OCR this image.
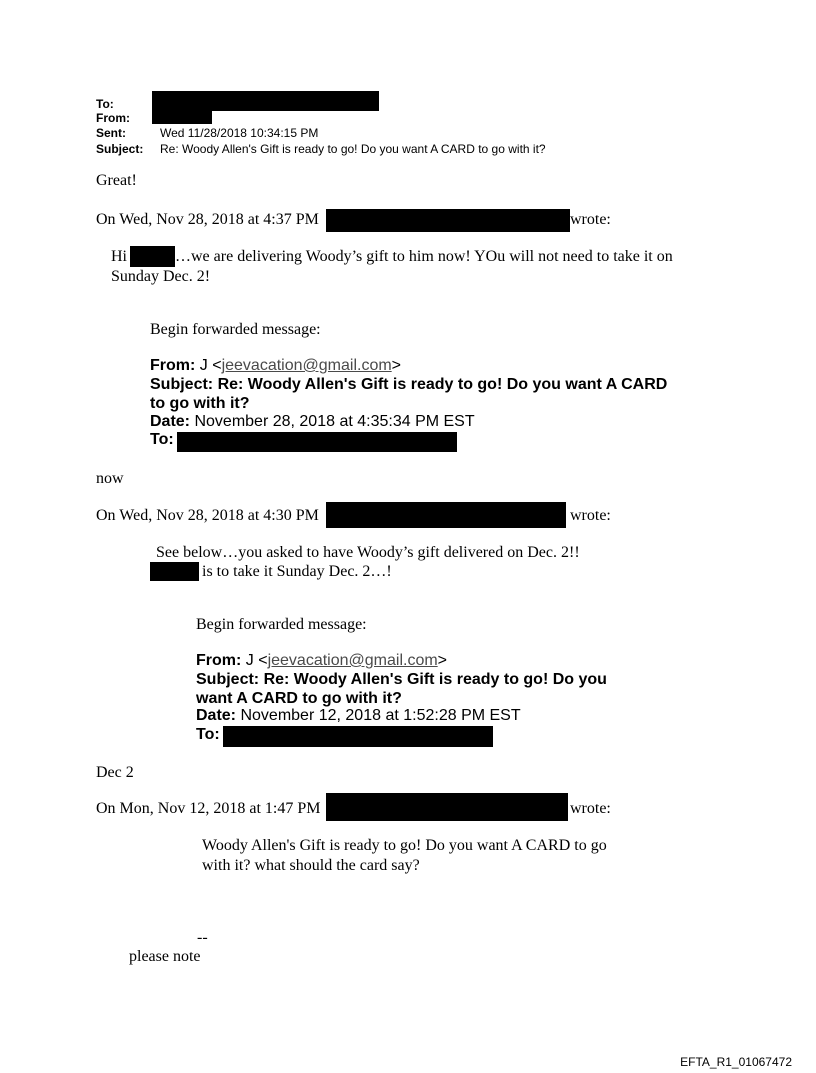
To:
From:
Sent:	Wed 11/28/2018 10:34:15 PM
Subject: Re: Woody Allen's Gift is ready to go! Do you want A CARD to go with it?
Great!
On Wed, Nov 28, 2018 at 4:37 PM	wrote:
Hi	…we are delivering Woody’s gift to him now! YOu will not need to take it on
Sunday Dec. 2!
Begin forwarded message:
From: J <jeevacation@gmail.com>
Subject: Re: Woody Allen's Gift is ready to go! Do you want A CARD to go with it?
Date: November 28, 2018 at 4:35:34 PM EST
To:
now
On Wed, Nov 28, 2018 at 4:30 PM	wrote:
See below…you asked to have Woody’s gift delivered on Dec. 2!!
is to take it Sunday Dec. 2…!
Begin forwarded message:
From: J <jeevacation@gmail.com>
Subject: Re: Woody Allen's Gift is ready to go! Do you want A CARD to go with it?
Date: November 12, 2018 at 1:52:28 PM EST
To:
Dec 2
On Mon, Nov 12, 2018 at 1:47 PM	wrote:
Woody Allen's Gift is ready to go! Do you want A CARD to go
with it? what should the card say?
--
please note
EFTA_R1_01067472
